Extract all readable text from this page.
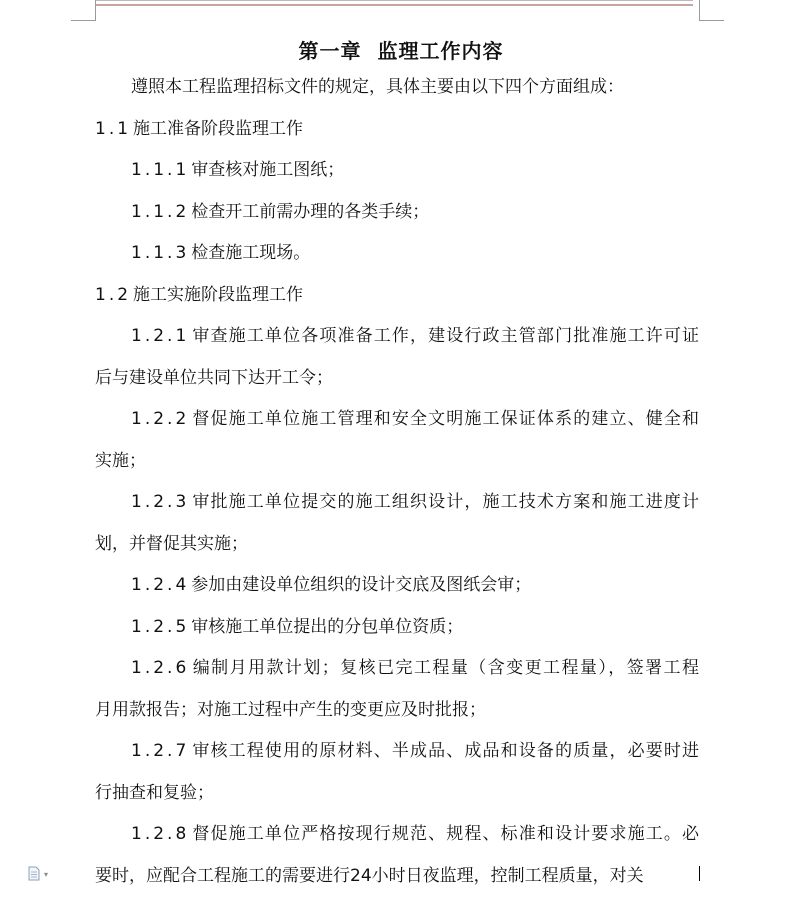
第一章 监理工作内容

遵照本工程监理招标文件的规定，具体主要由以下四个方面组成：

1.1 施工准备阶段监理工作

1.1.1 审查核对施工图纸；

1.1.2 检查开工前需办理的各类手续；

1.1.3 检查施工现场。

1.2 施工实施阶段监理工作

1.2.1 审查施工单位各项准备工作，建设行政主管部门批准施工许可证

后与建设单位共同下达开工令；

1.2.2 督促施工单位施工管理和安全文明施工保证体系的建立、健全和

实施；

1.2.3 审批施工单位提交的施工组织设计，施工技术方案和施工进度计

划，并督促其实施；

1.2.4 参加由建设单位组织的设计交底及图纸会审；

1.2.5 审核施工单位提出的分包单位资质；

1.2.6 编制月用款计划；复核已完工程量（含变更工程量），签署工程

月用款报告；对施工过程中产生的变更应及时批报；

1.2.7 审核工程使用的原材料、半成品、成品和设备的质量，必要时进

行抽查和复验；

1.2.8 督促施工单位严格按现行规范、规程、标准和设计要求施工。必

要时，应配合工程施工的需要进行24小时日夜监理，控制工程质量，对关

▾
